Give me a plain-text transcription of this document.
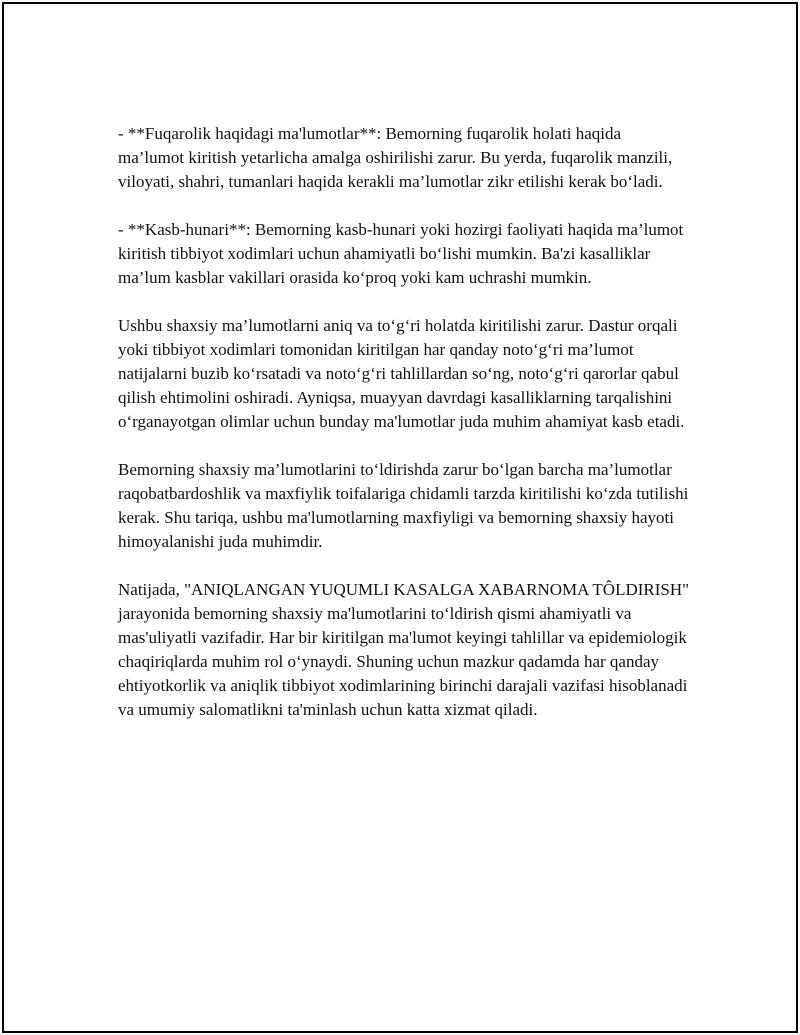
- **Fuqarolik haqidagi ma'lumotlar**: Bemorning fuqarolik holati haqida ma’lumot kiritish yetarlicha amalga oshirilishi zarur. Bu yerda, fuqarolik manzili, viloyati, shahri, tumanlari haqida kerakli ma’lumotlar zikr etilishi kerak bo‘ladi.

- **Kasb-hunari**: Bemorning kasb-hunari yoki hozirgi faoliyati haqida ma’lumot kiritish tibbiyot xodimlari uchun ahamiyatli bo‘lishi mumkin. Ba'zi kasalliklar ma’lum kasblar vakillari orasida ko‘proq yoki kam uchrashi mumkin.

Ushbu shaxsiy ma’lumotlarni aniq va to‘g‘ri holatda kiritilishi zarur. Dastur orqali yoki tibbiyot xodimlari tomonidan kiritilgan har qanday noto‘g‘ri ma’lumot natijalarni buzib ko‘rsatadi va noto‘g‘ri tahlillardan so‘ng, noto‘g‘ri qarorlar qabul qilish ehtimolini oshiradi. Ayniqsa, muayyan davrdagi kasalliklarning tarqalishini o‘rganayotgan olimlar uchun bunday ma'lumotlar juda muhim ahamiyat kasb etadi.

Bemorning shaxsiy ma’lumotlarini to‘ldirishda zarur bo‘lgan barcha ma’lumotlar raqobatbardoshlik va maxfiylik toifalariga chidamli tarzda kiritilishi ko‘zda tutilishi kerak. Shu tariqa, ushbu ma'lumotlarning maxfiyligi va bemorning shaxsiy hayoti himoyalanishi juda muhimdir.

Natijada, "ANIQLANGAN YUQUMLI KASALGA XABARNOMA TÔLDIRISH" jarayonida bemorning shaxsiy ma'lumotlarini to‘ldirish qismi ahamiyatli va mas'uliyatli vazifadir. Har bir kiritilgan ma'lumot keyingi tahlillar va epidemiologik chaqiriqlarda muhim rol o‘ynaydi. Shuning uchun mazkur qadamda har qanday ehtiyotkorlik va aniqlik tibbiyot xodimlarining birinchi darajali vazifasi hisoblanadi va umumiy salomatlikni ta'minlash uchun katta xizmat qiladi.
